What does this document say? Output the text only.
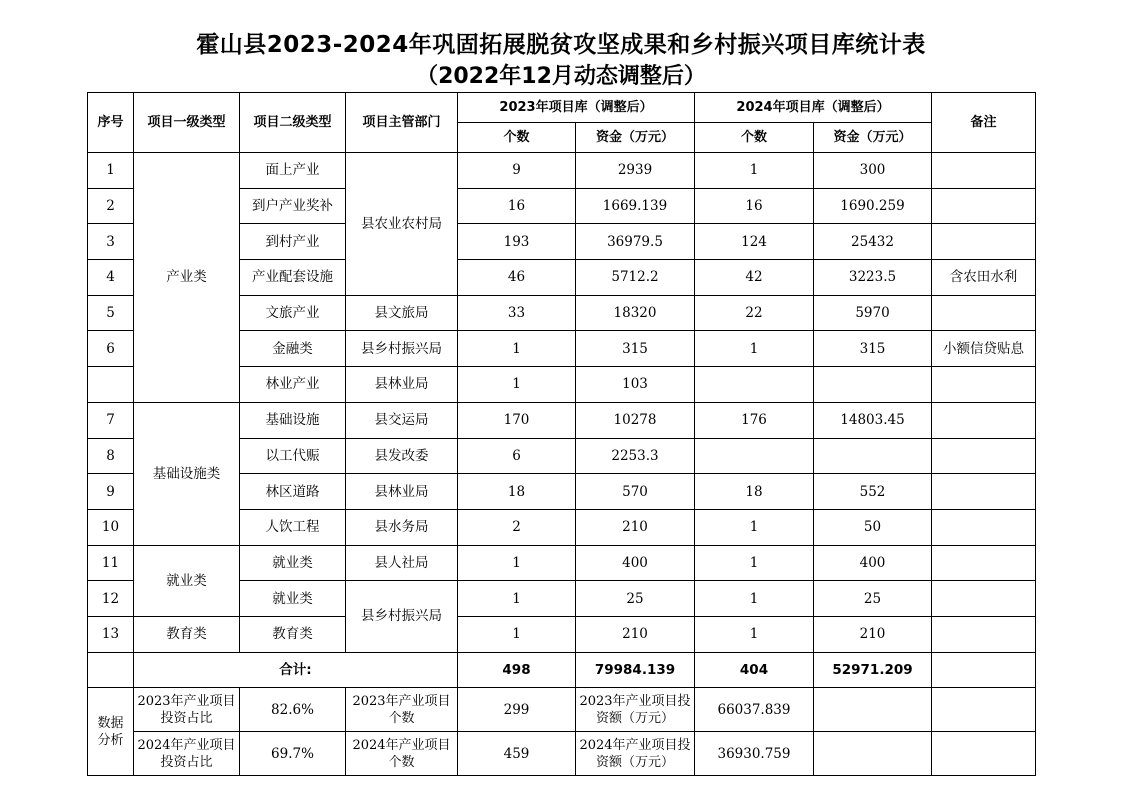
霍山县2023-2024年巩固拓展脱贫攻坚成果和乡村振兴项目库统计表
（2022年12月动态调整后）
序号	项目一级类型	项目二级类型	项目主管部门	2023年项目库（调整后）		2024年项目库（调整后）		备注
				个数	资金（万元）	个数	资金（万元）	
1	产业类	面上产业	县农业农村局	9	2939	1	300	
2		到户产业奖补		16	1669.139	16	1690.259	
3		到村产业		193	36979.5	124	25432	
4		产业配套设施		46	5712.2	42	3223.5	含农田水利
5		文旅产业	县文旅局	33	18320	22	5970	
6		金融类	县乡村振兴局	1	315	1	315	小额信贷贴息
		林业产业	县林业局	1	103			
7	基础设施类	基础设施	县交运局	170	10278	176	14803.45	
8		以工代赈	县发改委	6	2253.3			
9		林区道路	县林业局	18	570	18	552	
10		人饮工程	县水务局	2	210	1	50	
11	就业类	就业类	县人社局	1	400	1	400	
12		就业类	县乡村振兴局	1	25	1	25	
13	教育类	教育类		1	210	1	210	
	合计:			498	79984.139	404	52971.209	
数据分析	2023年产业项目投资占比	82.6%	2023年产业项目个数	299	2023年产业项目投资额（万元）	66037.839		
	2024年产业项目投资占比	69.7%	2024年产业项目个数	459	2024年产业项目投资额（万元）	36930.759		
